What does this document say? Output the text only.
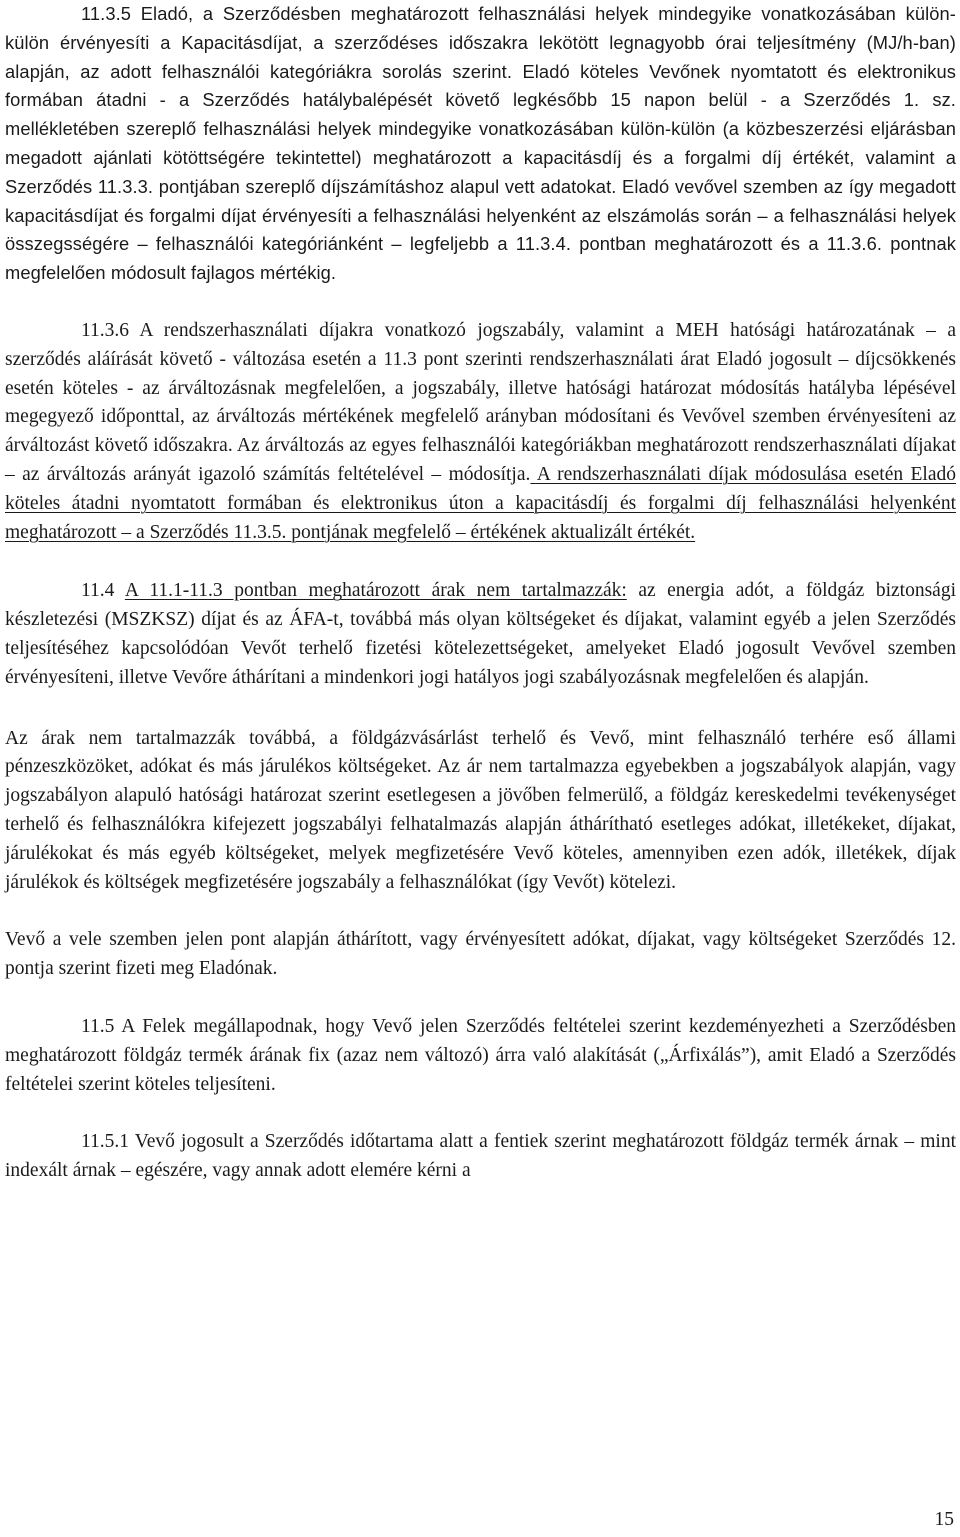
11.3.5 Eladó, a Szerződésben meghatározott felhasználási helyek mindegyike vonatkozásában külön-külön érvényesíti a Kapacitásdíjat, a szerződéses időszakra lekötött legnagyobb órai teljesítmény (MJ/h-ban) alapján, az adott felhasználói kategóriákra sorolás szerint. Eladó köteles Vevőnek nyomtatott és elektronikus formában átadni - a Szerződés hatálybalépését követő legkésőbb 15 napon belül - a Szerződés 1. sz. mellékletében szereplő felhasználási helyek mindegyike vonatkozásában külön-külön (a közbeszerzési eljárásban megadott ajánlati kötöttségére tekintettel) meghatározott a kapacitásdíj és a forgalmi díj értékét, valamint a Szerződés 11.3.3. pontjában szereplő díjszámításhoz alapul vett adatokat. Eladó vevővel szemben az így megadott kapacitásdíjat és forgalmi díjat érvényesíti a felhasználási helyenként az elszámolás során – a felhasználási helyek összegsségére – felhasználói kategóriánként – legfeljebb a 11.3.4. pontban meghatározott és a 11.3.6. pontnak megfelelően módosult fajlagos mértékig.

11.3.6 A rendszerhasználati díjakra vonatkozó jogszabály, valamint a MEH hatósági határozatának – a szerződés aláírását követő - változása esetén a 11.3 pont szerinti rendszerhasználati árat Eladó jogosult – díjcsökkenés esetén köteles - az árváltozásnak megfelelően, a jogszabály, illetve hatósági határozat módosítás hatályba lépésével megegyező időponttal, az árváltozás mértékének megfelelő arányban módosítani és Vevővel szemben érvényesíteni az árváltozást követő időszakra. Az árváltozás az egyes felhasználói kategóriákban meghatározott rendszerhasználati díjakat – az árváltozás arányát igazoló számítás feltételével – módosítja. A rendszerhasználati díjak módosulása esetén Eladó köteles átadni nyomtatott formában és elektronikus úton a kapacitásdíj és forgalmi díj felhasználási helyenként meghatározott – a Szerződés 11.3.5. pontjának megfelelő – értékének aktualizált értékét.

11.4 A 11.1-11.3 pontban meghatározott árak nem tartalmazzák: az energia adót, a földgáz biztonsági készletezési (MSZKSZ) díjat és az ÁFA-t, továbbá más olyan költségeket és díjakat, valamint egyéb a jelen Szerződés teljesítéséhez kapcsolódóan Vevőt terhelő fizetési kötelezettségeket, amelyeket Eladó jogosult Vevővel szemben érvényesíteni, illetve Vevőre áthárítani a mindenkori jogi hatályos jogi szabályozásnak megfelelően és alapján.

Az árak nem tartalmazzák továbbá, a földgázvásárlást terhelő és Vevő, mint felhasználó terhére eső állami pénzeszközöket, adókat és más járulékos költségeket. Az ár nem tartalmazza egyebekben a jogszabályok alapján, vagy jogszabályon alapuló hatósági határozat szerint esetlegesen a jövőben felmerülő, a földgáz kereskedelmi tevékenységet terhelő és felhasználókra kifejezett jogszabályi felhatalmazás alapján áthárítható esetleges adókat, illetékeket, díjakat, járulékokat és más egyéb költségeket, melyek megfizetésére Vevő köteles, amennyiben ezen adók, illetékek, díjak járulékok és költségek megfizetésére jogszabály a felhasználókat (így Vevőt) kötelezi.

Vevő a vele szemben jelen pont alapján áthárított, vagy érvényesített adókat, díjakat, vagy költségeket Szerződés 12. pontja szerint fizeti meg Eladónak.

11.5 A Felek megállapodnak, hogy Vevő jelen Szerződés feltételei szerint kezdeményezheti a Szerződésben meghatározott földgáz termék árának fix (azaz nem változó) árra való alakítását („Árfixálás”), amit Eladó a Szerződés feltételei szerint köteles teljesíteni.

11.5.1 Vevő jogosult a Szerződés időtartama alatt a fentiek szerint meghatározott földgáz termék árnak – mint indexált árnak – egészére, vagy annak adott elemére kérni a

15
